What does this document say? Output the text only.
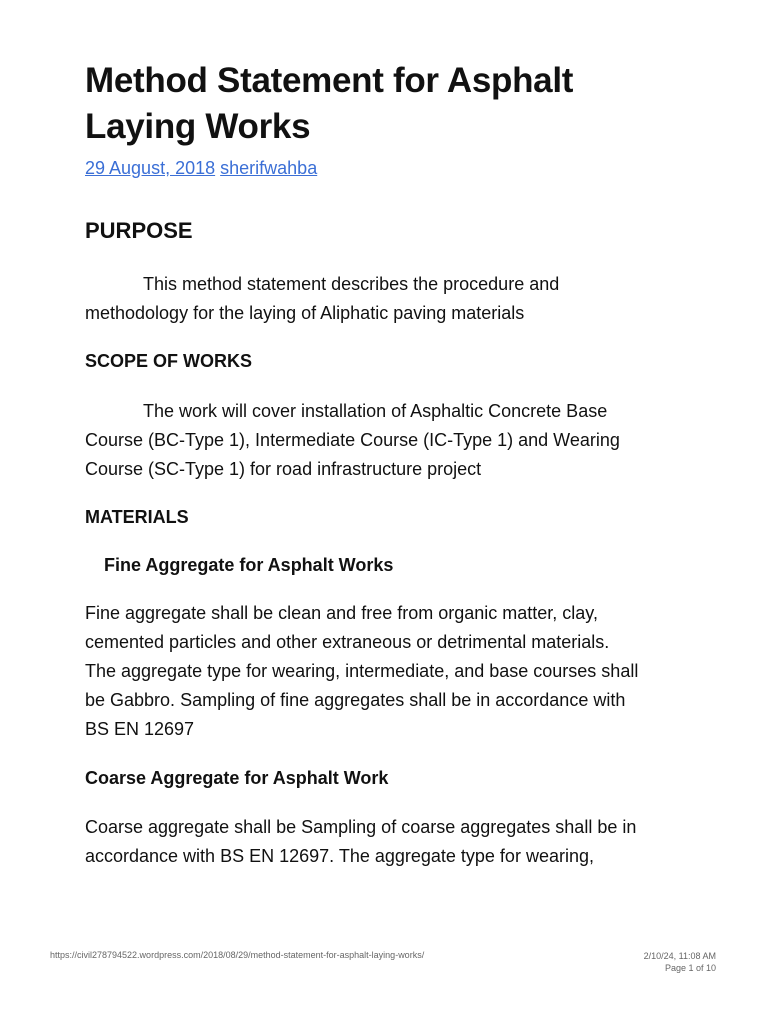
Method Statement for Asphalt
Laying Works
29 August, 2018 sherifwahba
PURPOSE

This method statement describes the procedure and
methodology for the laying of Aliphatic paving materials

SCOPE OF WORKS

The work will cover installation of Asphaltic Concrete Base
Course (BC-Type 1), Intermediate Course (IC-Type 1) and Wearing
Course (SC-Type 1) for road infrastructure project

MATERIALS
Fine Aggregate for Asphalt Works

Fine aggregate shall be clean and free from organic matter, clay,
cemented particles and other extraneous or detrimental materials.
The aggregate type for wearing, intermediate, and base courses shall
be Gabbro. Sampling of fine aggregates shall be in accordance with
BS EN 12697

Coarse Aggregate for Asphalt Work

Coarse aggregate shall be Sampling of coarse aggregates shall be in
accordance with BS EN 12697. The aggregate type for wearing,

https://civil278794522.wordpress.com/2018/08/29/method-statement-for-asphalt-laying-works/	2/10/24, 11:08 AM
Page 1 of 10
